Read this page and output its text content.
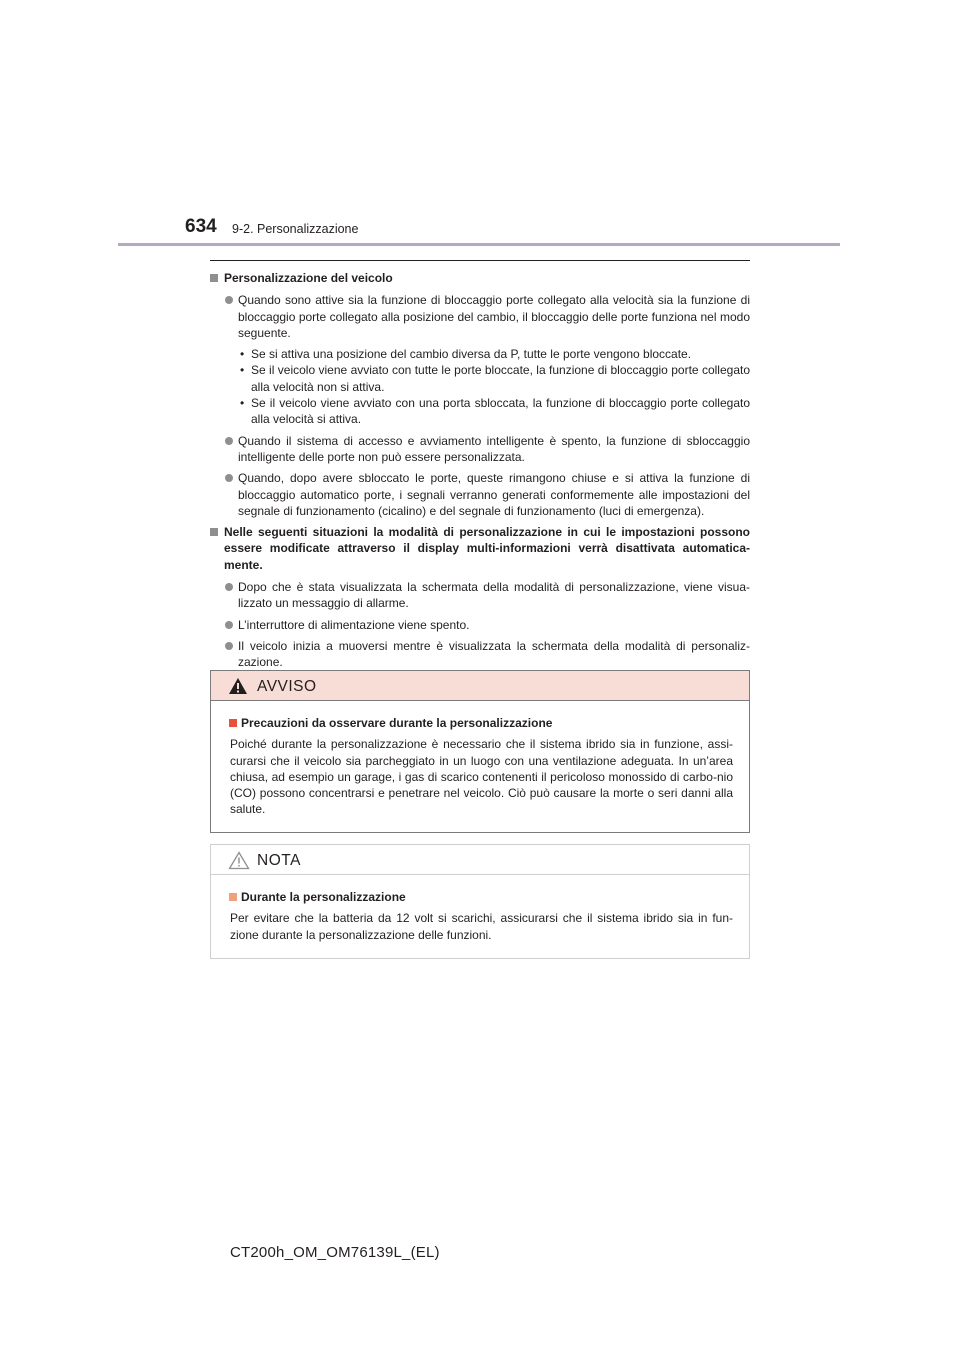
634 9-2. Personalizzazione
Personalizzazione del veicolo
Quando sono attive sia la funzione di bloccaggio porte collegato alla velocità sia la funzione di bloccaggio porte collegato alla posizione del cambio, il bloccaggio delle porte funziona nel modo seguente.
• Se si attiva una posizione del cambio diversa da P, tutte le porte vengono bloccate.
• Se il veicolo viene avviato con tutte le porte bloccate, la funzione di bloccaggio porte collegato alla velocità non si attiva.
• Se il veicolo viene avviato con una porta sbloccata, la funzione di bloccaggio porte collegato alla velocità si attiva.
Quando il sistema di accesso e avviamento intelligente è spento, la funzione di sbloccaggio intelligente delle porte non può essere personalizzata.
Quando, dopo avere sbloccato le porte, queste rimangono chiuse e si attiva la funzione di bloccaggio automatico porte, i segnali verranno generati conformemente alle impostazioni del segnale di funzionamento (cicalino) e del segnale di funzionamento (luci di emergenza).
Nelle seguenti situazioni la modalità di personalizzazione in cui le impostazioni possono essere modificate attraverso il display multi-informazioni verrà disattivata automatica-mente.
Dopo che è stata visualizzata la schermata della modalità di personalizzazione, viene visua-lizzato un messaggio di allarme.
L’interruttore di alimentazione viene spento.
Il veicolo inizia a muoversi mentre è visualizzata la schermata della modalità di personaliz-zazione.
AVVISO
Precauzioni da osservare durante la personalizzazione
Poiché durante la personalizzazione è necessario che il sistema ibrido sia in funzione, assi-curarsi che il veicolo sia parcheggiato in un luogo con una ventilazione adeguata. In un’area chiusa, ad esempio un garage, i gas di scarico contenenti il pericoloso monossido di carbo-nio (CO) possono concentrarsi e penetrare nel veicolo. Ciò può causare la morte o seri danni alla salute.
NOTA
Durante la personalizzazione
Per evitare che la batteria da 12 volt si scarichi, assicurarsi che il sistema ibrido sia in fun-zione durante la personalizzazione delle funzioni.
CT200h_OM_OM76139L_(EL)
